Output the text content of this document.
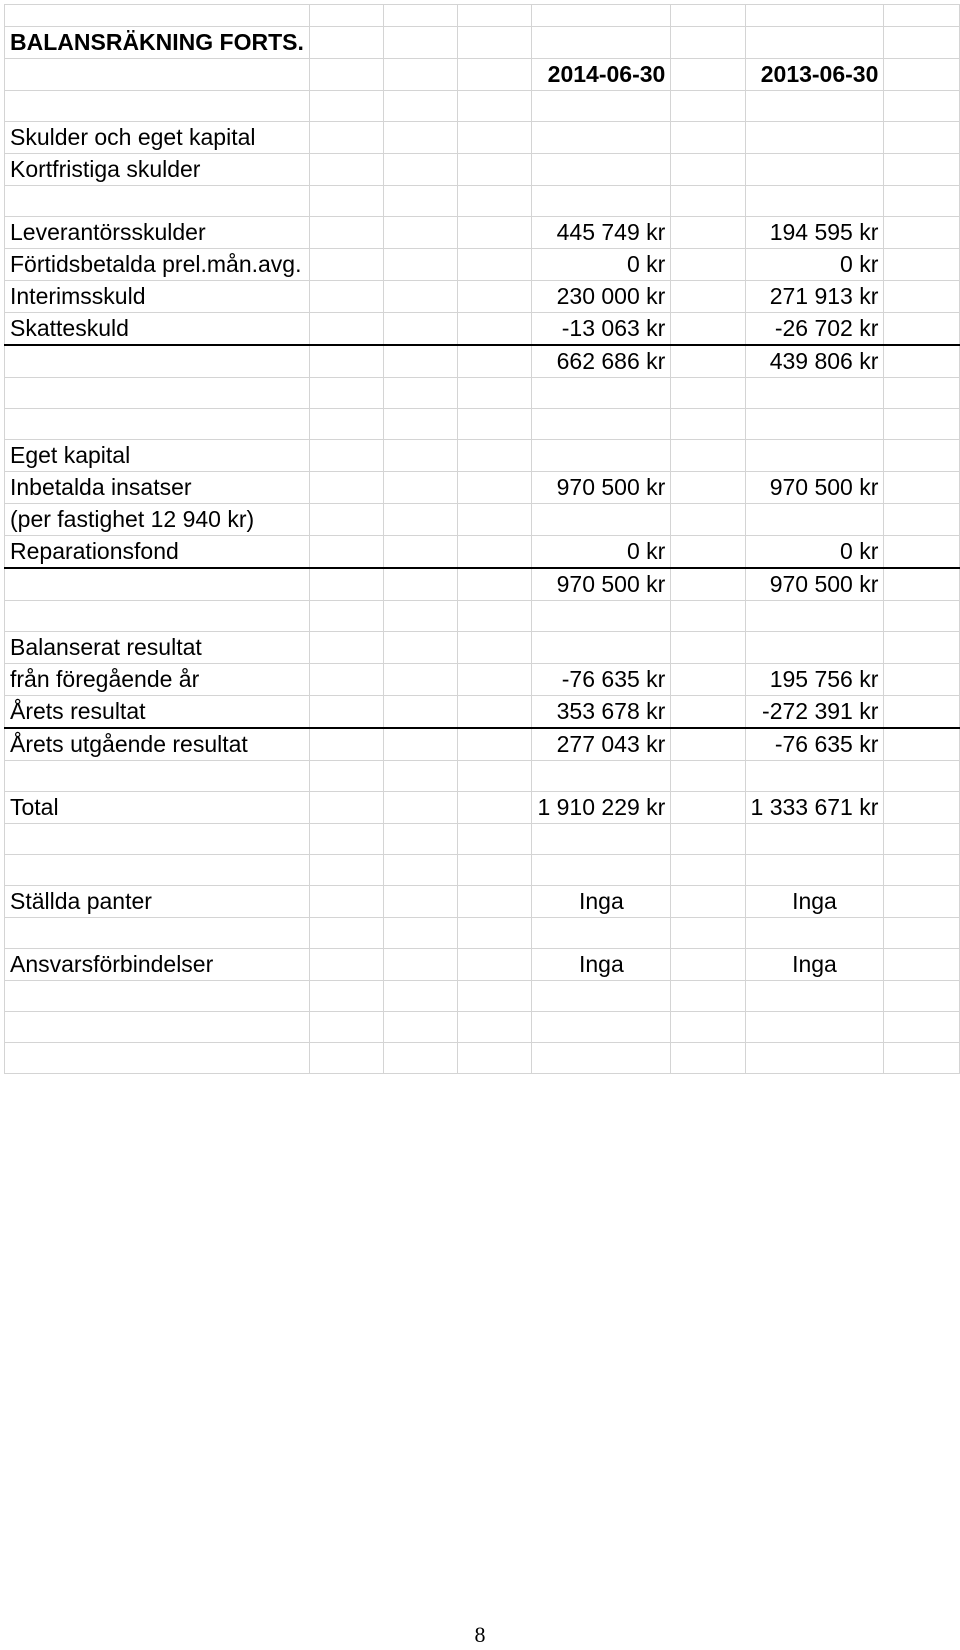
BALANSRÄKNING FORTS.							
				2014-06-30		2013-06-30	

Skulder och eget kapital							
Kortfristiga skulder							

Leverantörsskulder				445 749 kr		194 595 kr	
Förtidsbetalda prel.mån.avg.				0 kr		0 kr	
Interimsskuld				230 000 kr		271 913 kr	
Skatteskuld				-13 063 kr		-26 702 kr	
				662 686 kr		439 806 kr	

Eget kapital							
Inbetalda insatser				970 500 kr		970 500 kr	
(per fastighet 12 940 kr)							
Reparationsfond				0 kr		0 kr	
				970 500 kr		970 500 kr	

Balanserat resultat							
från föregående år				-76 635 kr		195 756 kr	
Årets resultat				353 678 kr		-272 391 kr	
Årets utgående resultat				277 043 kr		-76 635 kr	

Total				1 910 229 kr		1 333 671 kr	

Ställda panter				Inga		Inga	

Ansvarsförbindelser				Inga		Inga	

8
